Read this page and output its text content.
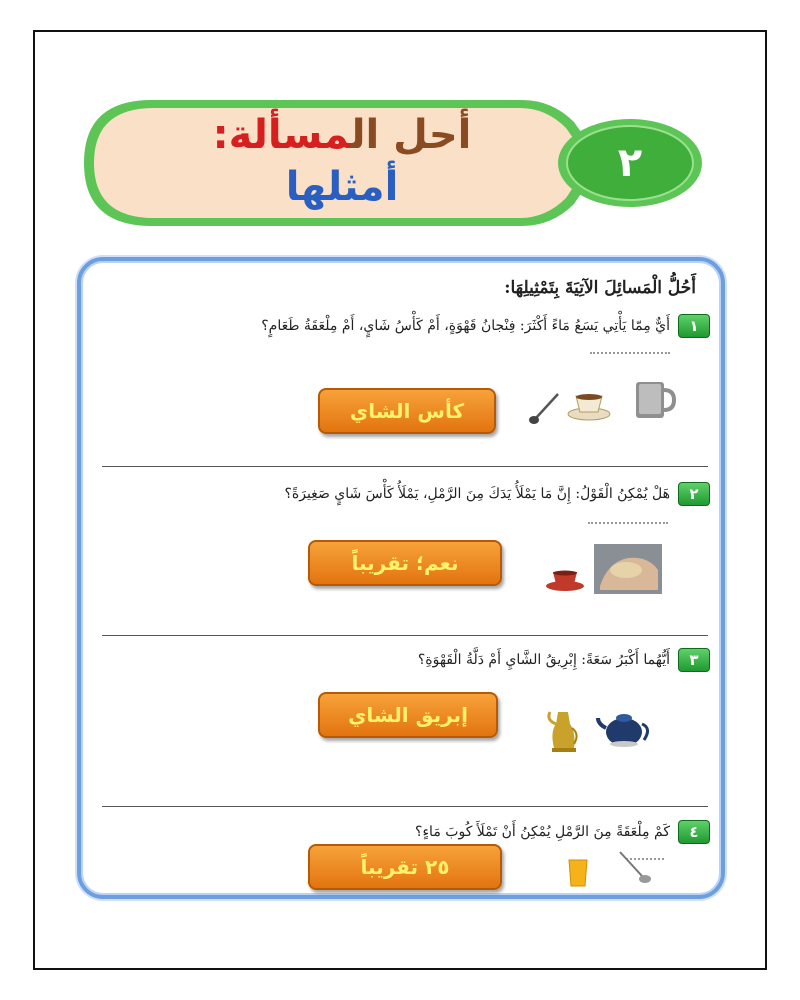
أحل المسألة:
أمثلها
٢
أَحُلُّ الْمَسائِلَ الآتِيَةَ بِتَمْثِيلِهَا:
١
أَيٌّ مِمّا يَأْتِي يَسَعُ مَاءً أَكْثَرَ: فِنْجانُ قَهْوَةٍ، أَمْ كَأْسُ شَايٍ، أَمْ مِلْعَقَةُ طَعَامٍ؟
كأس الشاي
٢
هَلْ يُمْكِنُ الْقَوْلُ: إِنَّ مَا يَمْلَأُ يَدَكَ مِنَ الرَّمْلِ، يَمْلَأُ كَأْسَ شَايٍ صَغِيرَةً؟
نعم؛ تقريباً
٣
أَيُّهُما أَكْبَرُ سَعَةً: إِبْرِيقُ الشَّايِ أَمْ دَلَّةُ الْقَهْوَةِ؟
إبريق الشاي
٤
كَمْ مِلْعَقَةً مِنَ الرَّمْلِ يُمْكِنُ أَنْ تَمْلَأَ كُوبَ مَاءٍ؟
٢٥ تقريباً
